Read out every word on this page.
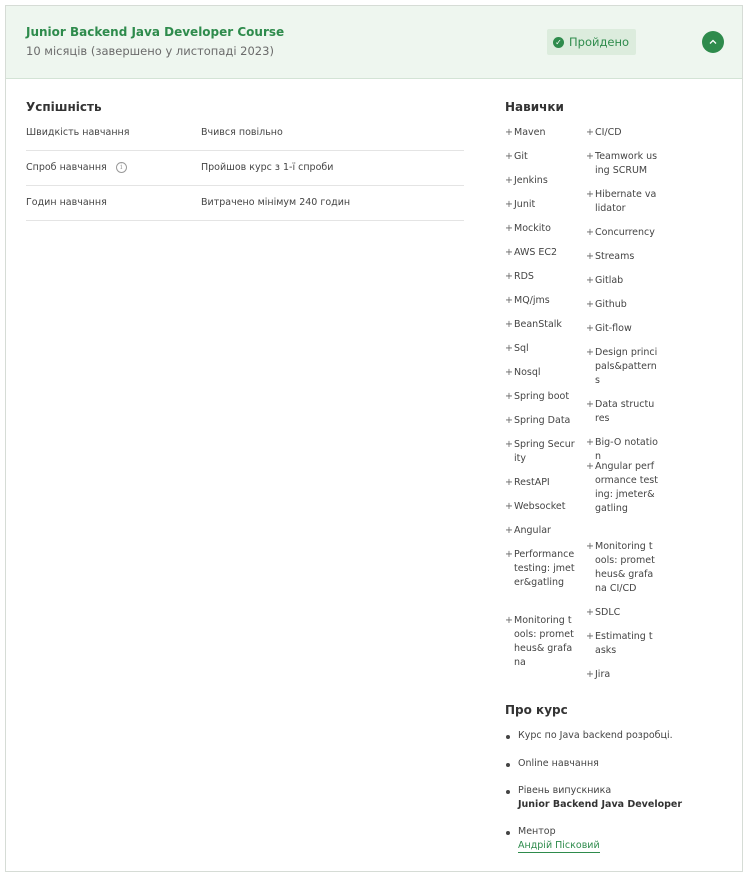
Junior Backend Java Developer Course
10 місяців (завершено у листопаді 2023)
✓ Пройдено
Успішність
Швидкість навчання	Вчився повільно
Спроб навчання	i	Пройшов курс з 1-ї спроби
Годин навчання	Витрачено мінімум 240 годин
Навички
Про курс
Курс по Java backend розробці.
Online навчання
Рівень випускника
Junior Backend Java Developer
Ментор
Андрій Пісковий
+ Maven
+ Git
+ Jenkins
+ Junit
+ Mockito
+ AWS EC2
+ RDS
+ MQ/jms
+ BeanStalk
+ Sql
+ Nosql
+ Spring boot
+ Spring Data
+ Spring Security
+ RestAPI
+ Websocket
+ Angular
+ Performance testing: jmeter&gatling
+ Monitoring tools: prometheus& grafana
+ CI/CD
+ Teamwork using SCRUM
+ Hibernate validator
+ Concurrency
+ Streams
+ Gitlab
+ Github
+ Git-flow
+ Design principals&patterns
+ Data structures
+ Big-O notation
+ Angular performance testing: jmeter&gatling
+ Monitoring tools: prometheus& grafana CI/CD
+ SDLC
+ Estimating tasks
+ Jira
